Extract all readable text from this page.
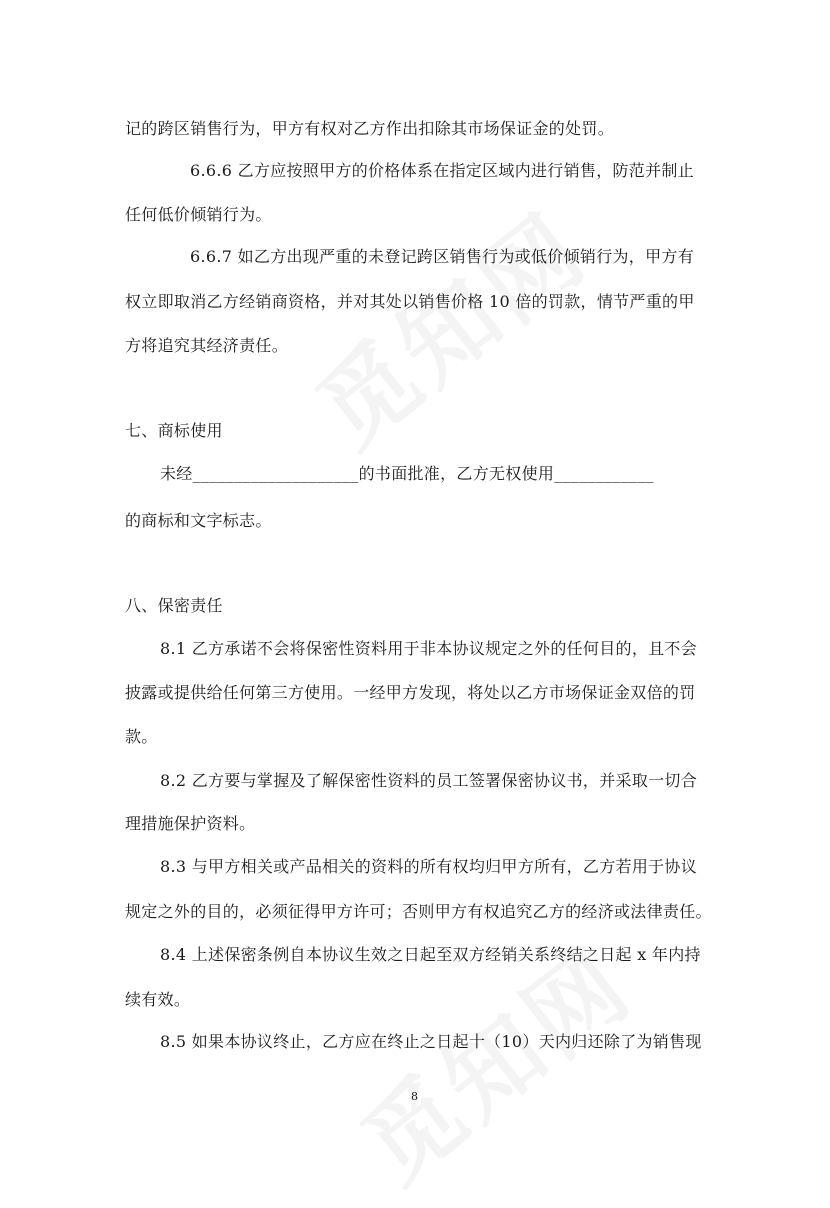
记的跨区销售行为，甲方有权对乙方作出扣除其市场保证金的处罚。
6.6.6 乙方应按照甲方的价格体系在指定区域内进行销售，防范并制止
任何低价倾销行为。
6.6.7 如乙方出现严重的未登记跨区销售行为或低价倾销行为，甲方有
权立即取消乙方经销商资格，并对其处以销售价格 10 倍的罚款，情节严重的甲
方将追究其经济责任。
七、商标使用
未经____________________的书面批准，乙方无权使用____________
的商标和文字标志。
八、保密责任
8.1 乙方承诺不会将保密性资料用于非本协议规定之外的任何目的，且不会
披露或提供给任何第三方使用。一经甲方发现，将处以乙方市场保证金双倍的罚
款。
8.2 乙方要与掌握及了解保密性资料的员工签署保密协议书，并采取一切合
理措施保护资料。
8.3 与甲方相关或产品相关的资料的所有权均归甲方所有，乙方若用于协议
规定之外的目的，必须征得甲方许可；否则甲方有权追究乙方的经济或法律责任。
8.4 上述保密条例自本协议生效之日起至双方经销关系终结之日起 x 年内持
续有效。
8.5 如果本协议终止，乙方应在终止之日起十（10）天内归还除了为销售现
8
